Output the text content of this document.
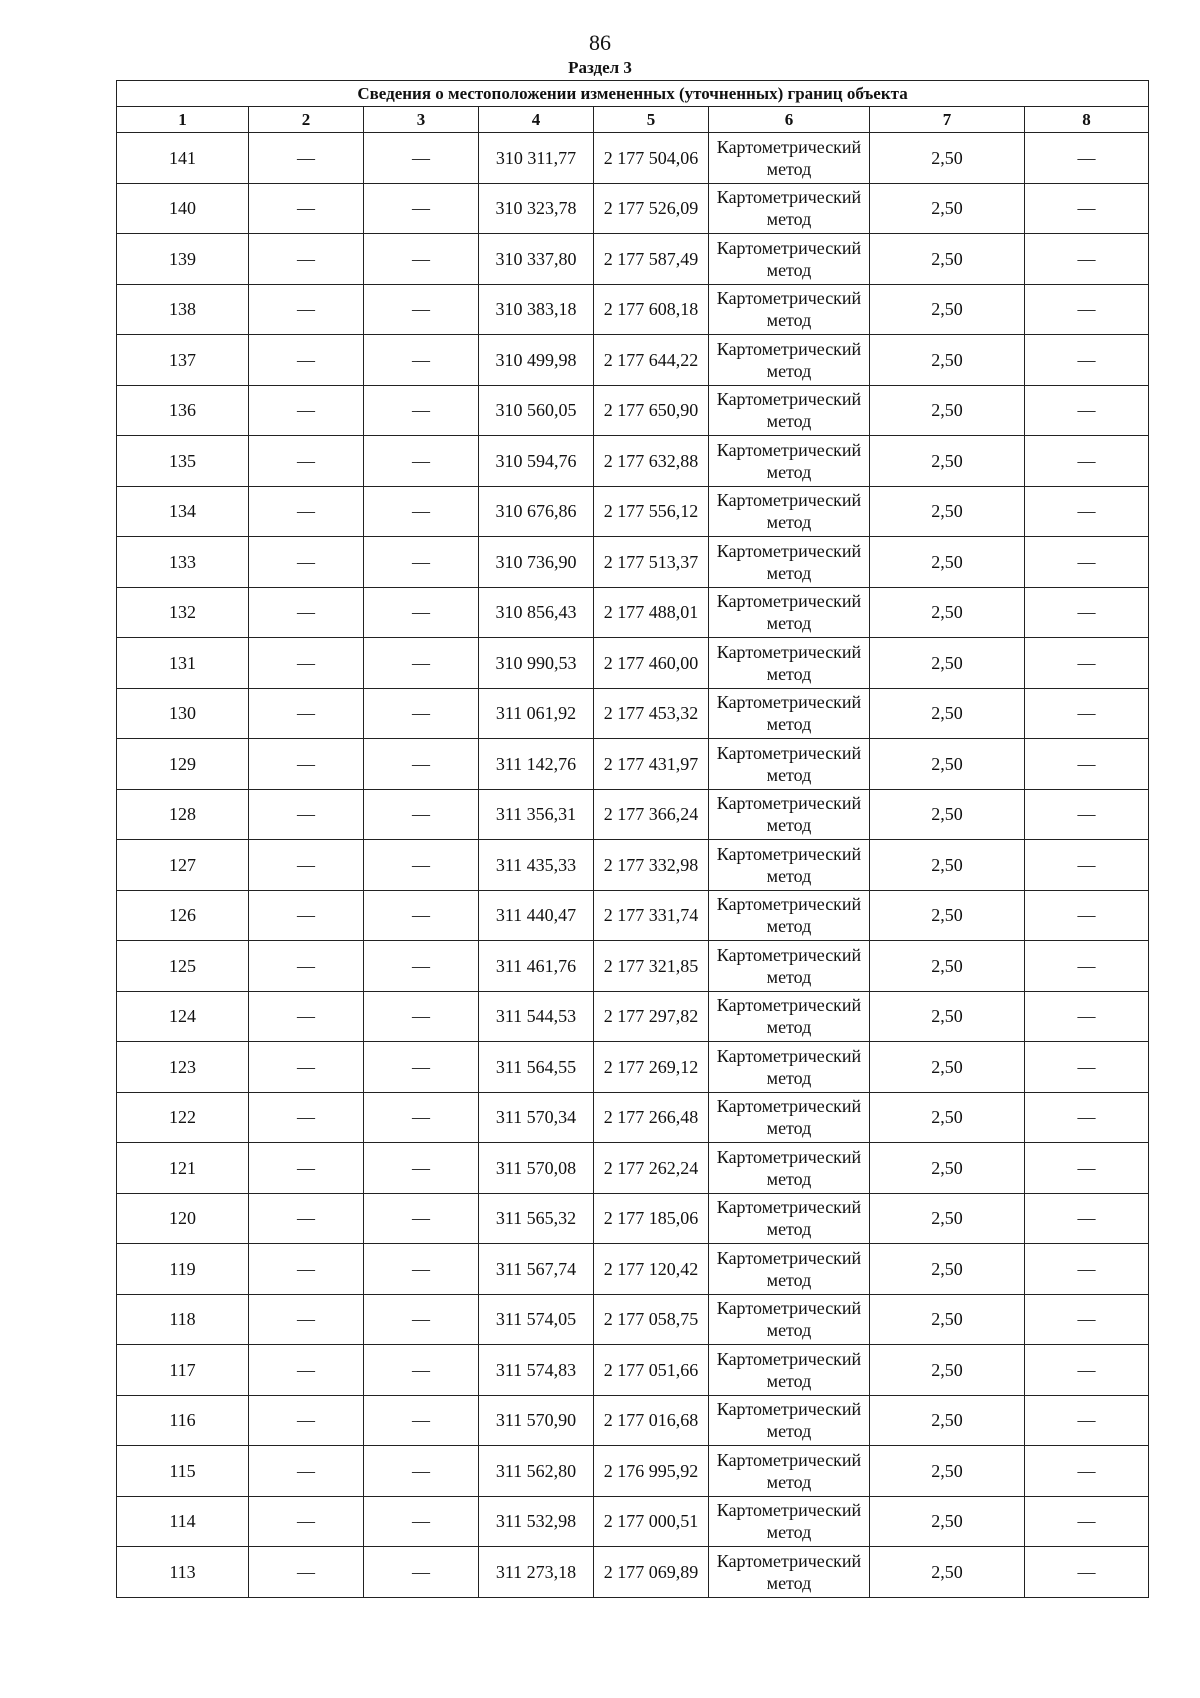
86
Раздел 3
Сведения о местоположении измененных (уточненных) границ объекта							
1	2	3	4	5	6	7	8
141	—	—	310 311,77	2 177 504,06	Картометрический метод	2,50	—
140	—	—	310 323,78	2 177 526,09	Картометрический метод	2,50	—
139	—	—	310 337,80	2 177 587,49	Картометрический метод	2,50	—
138	—	—	310 383,18	2 177 608,18	Картометрический метод	2,50	—
137	—	—	310 499,98	2 177 644,22	Картометрический метод	2,50	—
136	—	—	310 560,05	2 177 650,90	Картометрический метод	2,50	—
135	—	—	310 594,76	2 177 632,88	Картометрический метод	2,50	—
134	—	—	310 676,86	2 177 556,12	Картометрический метод	2,50	—
133	—	—	310 736,90	2 177 513,37	Картометрический метод	2,50	—
132	—	—	310 856,43	2 177 488,01	Картометрический метод	2,50	—
131	—	—	310 990,53	2 177 460,00	Картометрический метод	2,50	—
130	—	—	311 061,92	2 177 453,32	Картометрический метод	2,50	—
129	—	—	311 142,76	2 177 431,97	Картометрический метод	2,50	—
128	—	—	311 356,31	2 177 366,24	Картометрический метод	2,50	—
127	—	—	311 435,33	2 177 332,98	Картометрический метод	2,50	—
126	—	—	311 440,47	2 177 331,74	Картометрический метод	2,50	—
125	—	—	311 461,76	2 177 321,85	Картометрический метод	2,50	—
124	—	—	311 544,53	2 177 297,82	Картометрический метод	2,50	—
123	—	—	311 564,55	2 177 269,12	Картометрический метод	2,50	—
122	—	—	311 570,34	2 177 266,48	Картометрический метод	2,50	—
121	—	—	311 570,08	2 177 262,24	Картометрический метод	2,50	—
120	—	—	311 565,32	2 177 185,06	Картометрический метод	2,50	—
119	—	—	311 567,74	2 177 120,42	Картометрический метод	2,50	—
118	—	—	311 574,05	2 177 058,75	Картометрический метод	2,50	—
117	—	—	311 574,83	2 177 051,66	Картометрический метод	2,50	—
116	—	—	311 570,90	2 177 016,68	Картометрический метод	2,50	—
115	—	—	311 562,80	2 176 995,92	Картометрический метод	2,50	—
114	—	—	311 532,98	2 177 000,51	Картометрический метод	2,50	—
113	—	—	311 273,18	2 177 069,89	Картометрический метод	2,50	—
